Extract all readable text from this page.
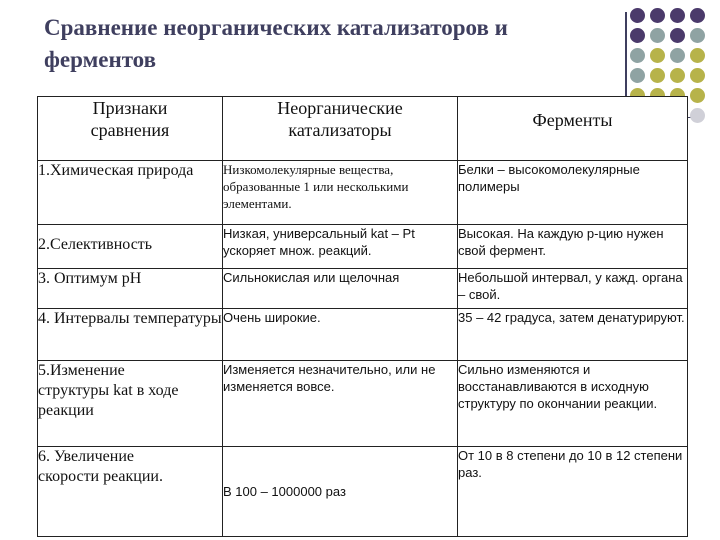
Сравнение неорганических катализаторов и ферментов
Признаки сравнения	Неорганические катализаторы	Ферменты
1.Химическая природа	Низкомолекулярные вещества, образованные 1 или несколькими элементами.	Белки – высокомолекулярные полимеры
2.Селективность	Низкая, универсальный kat – Pt ускоряет множ. реакций.	Высокая. На каждую р-цию нужен свой фермент.
3. Оптимум рН	Сильнокислая или щелочная	Небольшой интервал, у кажд. органа – свой.
4. Интервалы температуры	Очень широкие.	35 – 42 градуса, затем денатурируют.

5.Изменение структуры kat в ходе реакции	Изменяется незначительно, или не изменяется вовсе.	Сильно изменяются и восстанавливаются в исходную структуру по окончании реакции.

6. Увеличение скорости реакции.	В 100 – 1000000 раз	От 10 в 8 степени до 10 в 12 степени раз.
